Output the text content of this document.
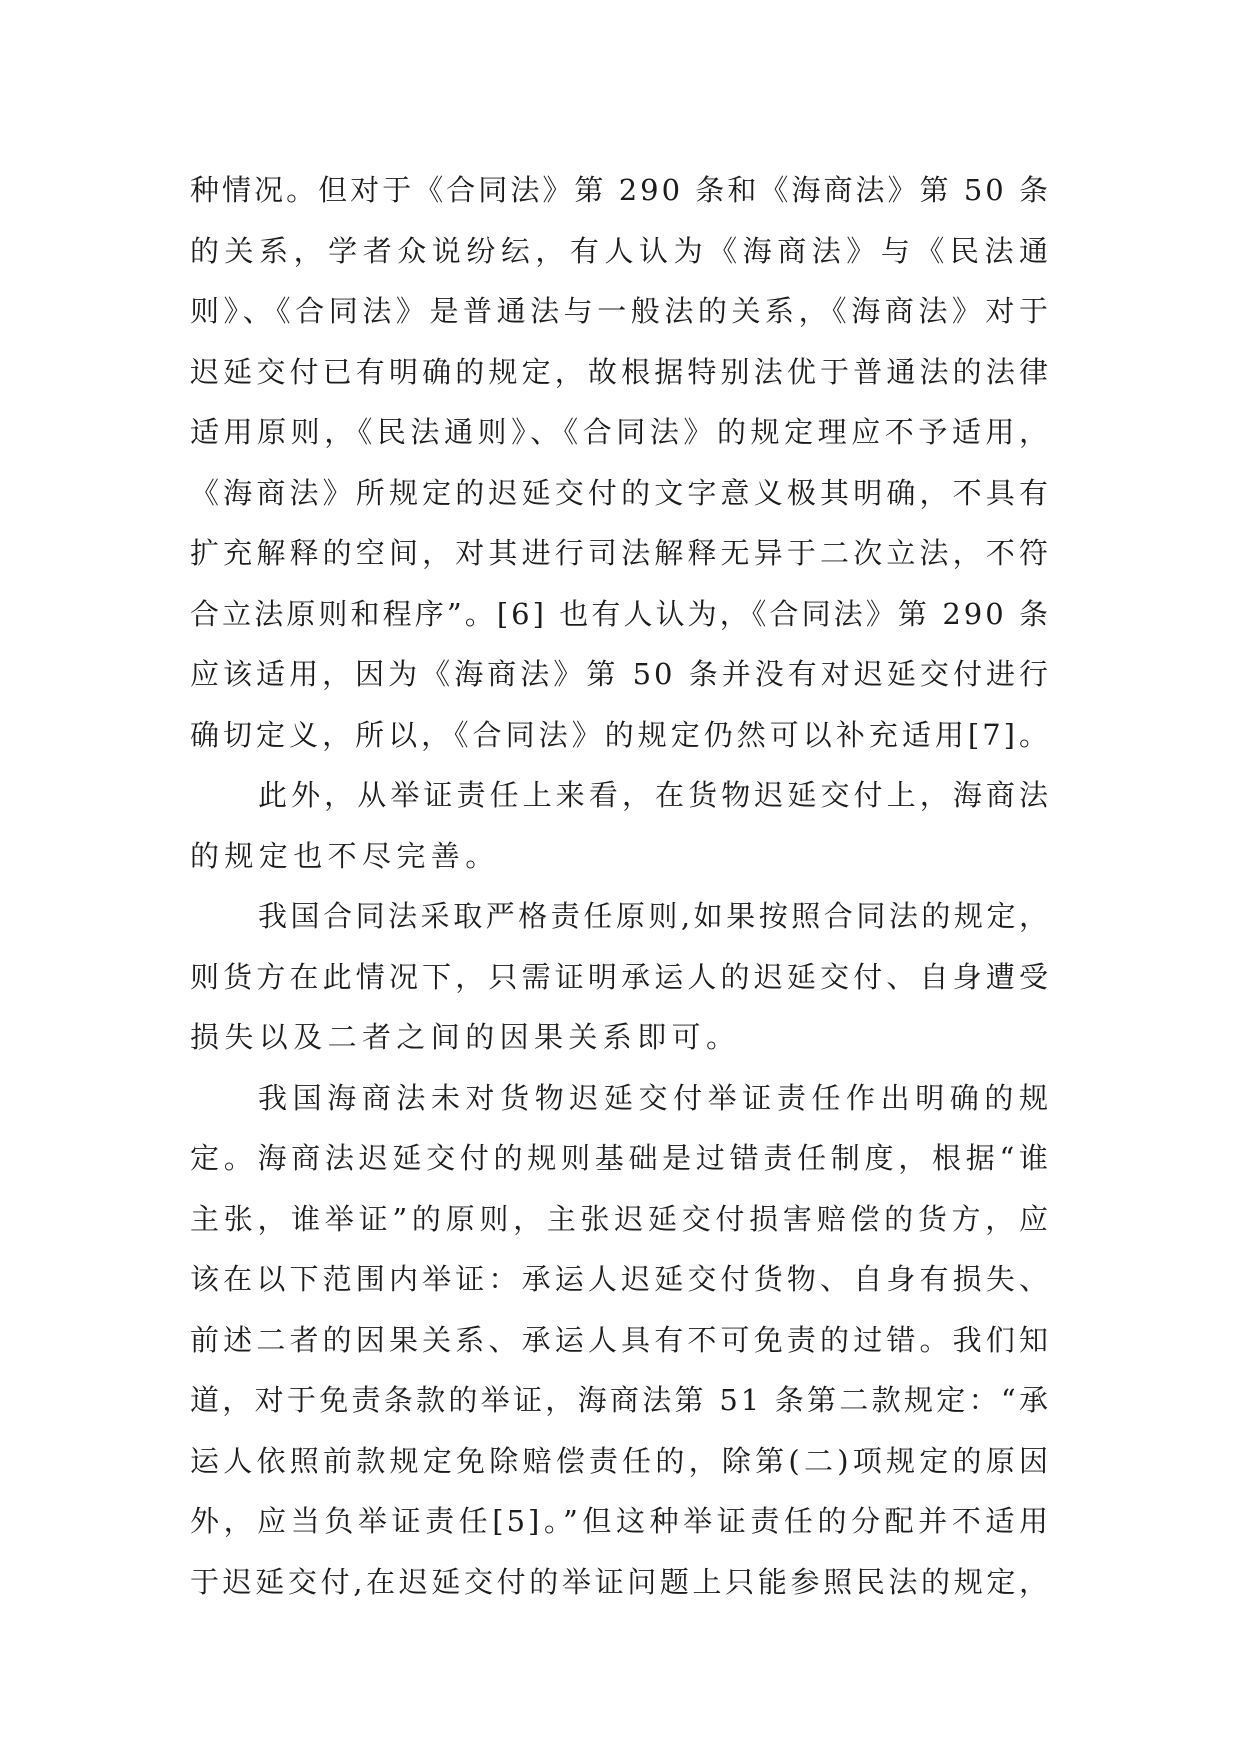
种情况。但对于《合同法》第 290 条和《海商法》第 50 条
的关系，学者众说纷纭，有人认为《海商法》与《民法通
则》、《合同法》是普通法与一般法的关系，《海商法》对于
迟延交付已有明确的规定，故根据特别法优于普通法的法律
适用原则，《民法通则》、《合同法》的规定理应不予适用，
《海商法》所规定的迟延交付的文字意义极其明确，不具有
扩充解释的空间，对其进行司法解释无异于二次立法，不符
合立法原则和程序”。[6] 也有人认为，《合同法》第 290 条
应该适用，因为《海商法》第 50 条并没有对迟延交付进行
确切定义，所以，《合同法》的规定仍然可以补充适用[7]。
此外，从举证责任上来看，在货物迟延交付上，海商法
的规定也不尽完善。
我国合同法采取严格责任原则,如果按照合同法的规定，
则货方在此情况下，只需证明承运人的迟延交付、自身遭受
损失以及二者之间的因果关系即可。
我国海商法未对货物迟延交付举证责任作出明确的规
定。海商法迟延交付的规则基础是过错责任制度，根据“谁
主张，谁举证”的原则，主张迟延交付损害赔偿的货方，应
该在以下范围内举证：承运人迟延交付货物、自身有损失、
前述二者的因果关系、承运人具有不可免责的过错。我们知
道，对于免责条款的举证，海商法第 51 条第二款规定：“承
运人依照前款规定免除赔偿责任的，除第(二)项规定的原因
外，应当负举证责任[5]。”但这种举证责任的分配并不适用
于迟延交付,在迟延交付的举证问题上只能参照民法的规定，
